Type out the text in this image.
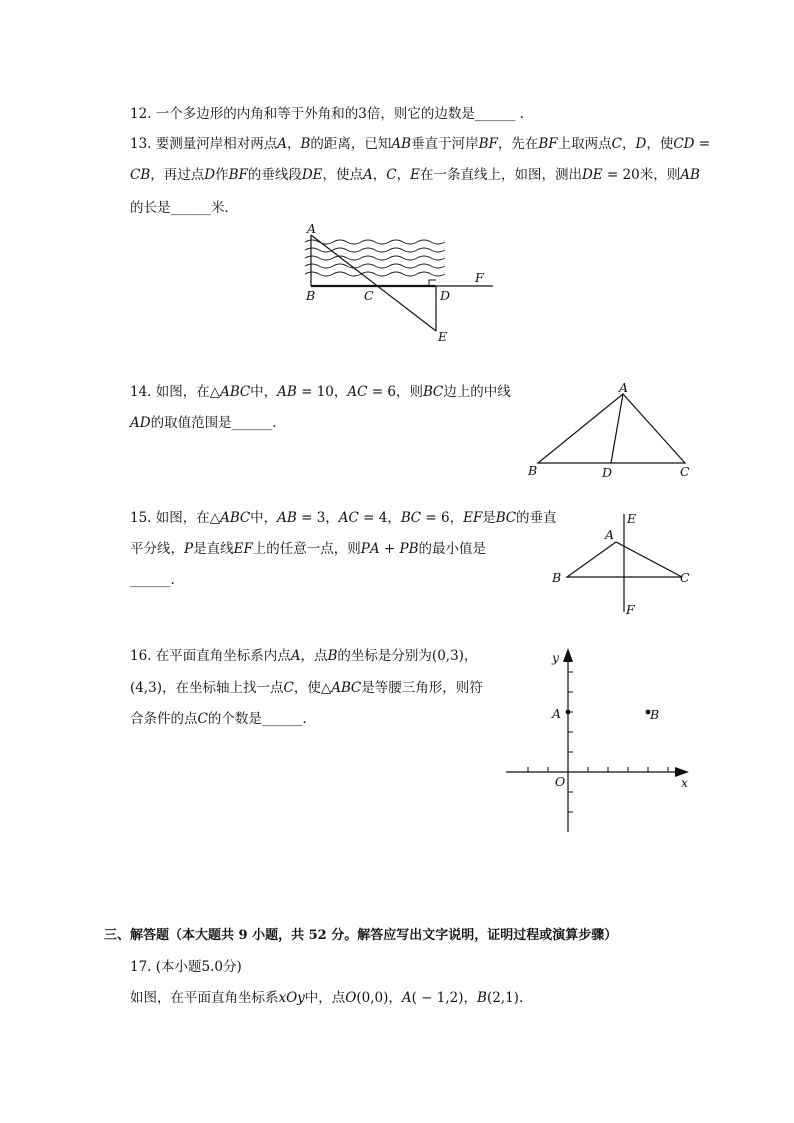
12. 一个多边形的内角和等于外角和的3倍，则它的边数是______ .
13. 要测量河岸相对两点𝐴，𝐵的距离，已知𝐴𝐵垂直于河岸𝐵𝐹，先在𝐵𝐹上取两点𝐶，𝐷，使𝐶𝐷 =
𝐶𝐵，再过点𝐷作𝐵𝐹的垂线段𝐷𝐸，使点𝐴，𝐶，𝐸在一条直线上，如图，测出𝐷𝐸 = 20米，则𝐴𝐵
的长是______米．
A
B	C	D
E
F
14. 如图，在△𝐴𝐵𝐶中，𝐴𝐵 = 10，𝐴𝐶 = 6，则𝐵𝐶边上的中线
𝐴𝐷的取值范围是______.
A
B	D	C
15. 如图，在△𝐴𝐵𝐶中，𝐴𝐵 = 3，𝐴𝐶 = 4，𝐵𝐶 = 6，𝐸𝐹是𝐵𝐶的垂直
平分线，𝑃是直线𝐸𝐹上的任意一点，则𝑃𝐴 + 𝑃𝐵的最小值是
______.
E
A
B	C
F
16. 在平面直角坐标系内点𝐴，点𝐵的坐标是分别为(0,3)，
(4,3)，在坐标轴上找一点𝐶，使△𝐴𝐵𝐶是等腰三角形，则符
合条件的点𝐶的个数是______.
y
x
O
A	B
三、解答题（本大题共 9 小题，共 52 分。解答应写出文字说明，证明过程或演算步骤）
17. (本小题5.0分)
如图，在平面直角坐标系𝑥𝑂𝑦中，点𝑂(0,0)，𝐴( − 1,2)，𝐵(2,1).
